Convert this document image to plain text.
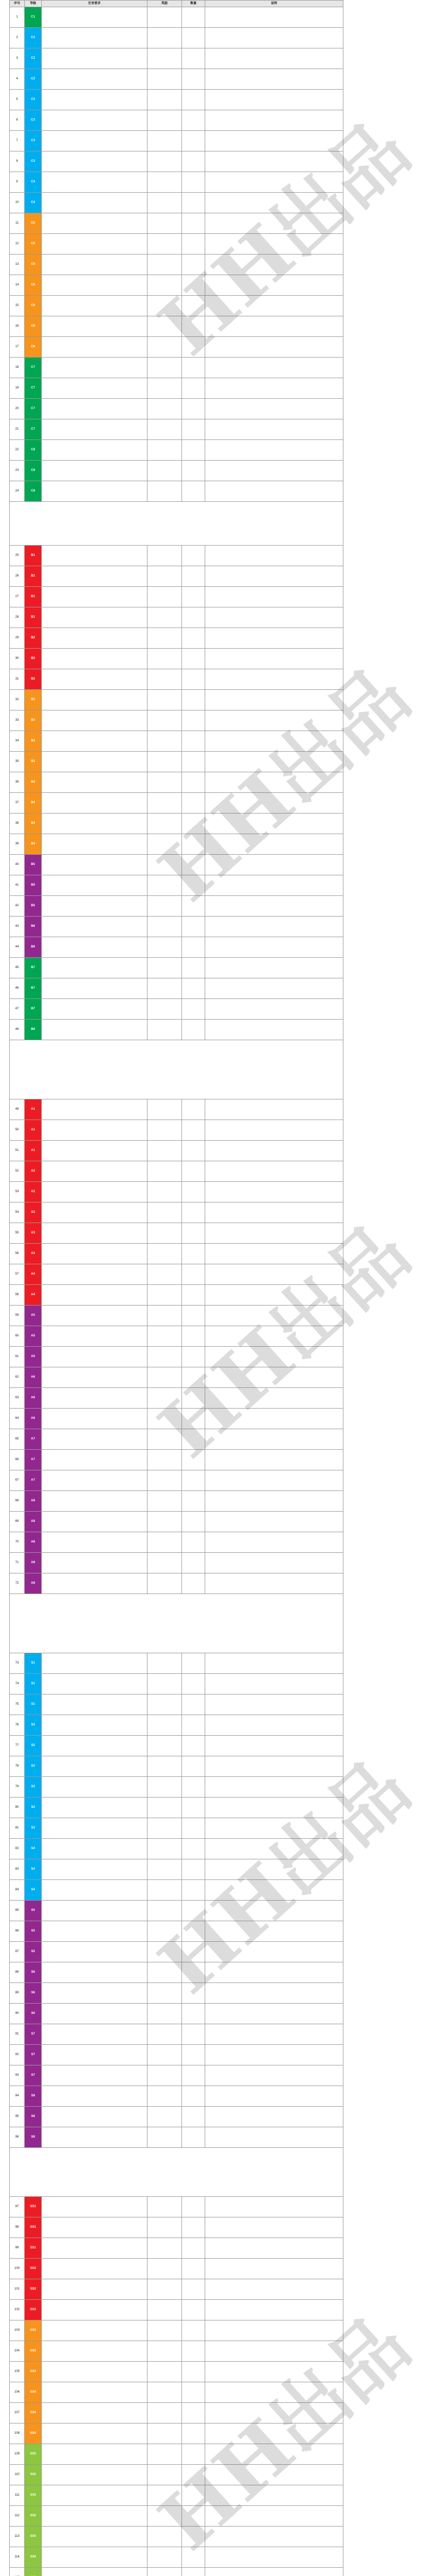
HH出品
HH出品
HH出品
HH出品
HH出品
序号	等级	任务要求	奖励	数量	说明
1	C1				
2	C2				
3	C2				
4	C2				
5	C3				
6	C3				
7	C3				
8	C3				
9	C4				
10	C4				
11	C5				
12	C5				
13	C5				
14	C6				
15	C6				
16	C6				
17	C6				
18	C7				
19	C7				
20	C7				
21	C7				
22	C8				
23	C8				
24	C8				

25	B1				
26	B1				
27	B1				
28	B1				
29	B2				
30	B2				
31	B2				
32	B3				
33	B3				
34	B3				
35	B3				
36	B4				
37	B4				
38	B4				
39	B4				
40	B5				
41	B5				
42	B5				
43	B6				
44	B6				
45	B7				
46	B7				
47	B7				
48	B8				

49	A1				
50	A1				
51	A1				
52	A2				
53	A2				
54	A2				
55	A3				
56	A3				
57	A4				
58	A4				
59	A5				
60	A5				
61	A5				
62	A6				
63	A6				
64	A6				
65	A7				
66	A7				
67	A7				
68	A8				
69	A8				
70	A8				
71	A8				
72	A8				

73	S1				
74	S1				
75	S1				
76	S2				
77	S2				
78	S2				
79	S3				
80	S3				
81	S3				
82	S4				
83	S4				
84	S4				
85	S5				
86	S5				
87	S5				
88	S6				
89	S6				
90	S6				
91	S7				
92	S7				
93	S7				
94	S8				
95	S8				
96	S8				

97	SS1				
98	SS1				
99	SS1				
100	SS2				
101	SS2				
102	SS2				
103	SS3				
104	SS3				
105	SS3				
106	SS4				
107	SS4				
108	SS4				
109	SS5				
110	SS5				
111	SS5				
112	SS6				
113	SS6				
114	SS6				
